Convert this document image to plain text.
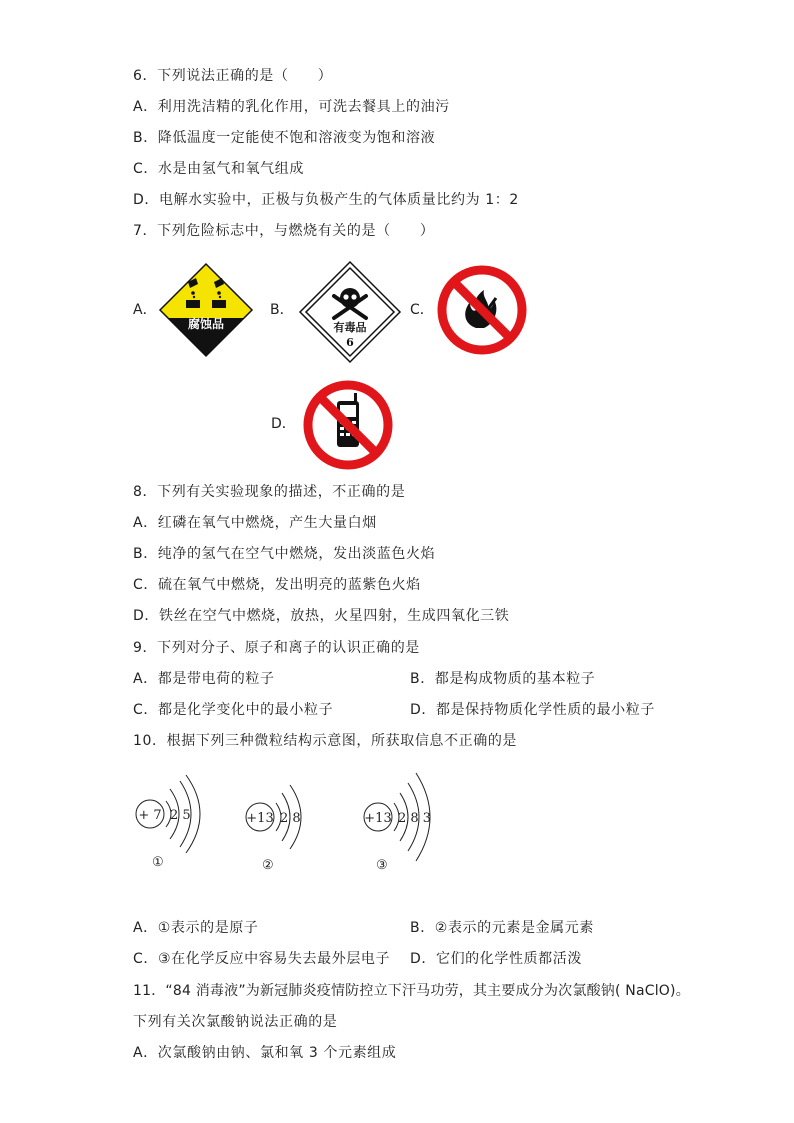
6．下列说法正确的是（　　）
A．利用洗洁精的乳化作用，可洗去餐具上的油污
B．降低温度一定能使不饱和溶液变为饱和溶液
C．水是由氢气和氧气组成
D．电解水实验中，正极与负极产生的气体质量比约为 1：2
7．下列危险标志中，与燃烧有关的是（　　）
A．
腐蚀品
B．
有毒品
6
C．
D．
8．下列有关实验现象的描述，不正确的是
A．红磷在氧气中燃烧，产生大量白烟
B．纯净的氢气在空气中燃烧，发出淡蓝色火焰
C．硫在氧气中燃烧，发出明亮的蓝紫色火焰
D．铁丝在空气中燃烧，放热，火星四射，生成四氧化三铁
9．下列对分子、原子和离子的认识正确的是
A．都是带电荷的粒子	B．都是构成物质的基本粒子
C．都是化学变化中的最小粒子	D．都是保持物质化学性质的最小粒子
10．根据下列三种微粒结构示意图，所获取信息不正确的是
+ 7 2 5
①
+13 2 8
②
+13 2 8 3
③
A．①表示的是原子	B．②表示的元素是金属元素
C．③在化学反应中容易失去最外层电子 D．它们的化学性质都活泼
11．“84 消毒液”为新冠肺炎疫情防控立下汗马功劳，其主要成分为次氯酸钠( NaClO)。
下列有关次氯酸钠说法正确的是
A．次氯酸钠由钠、氯和氧 3 个元素组成
